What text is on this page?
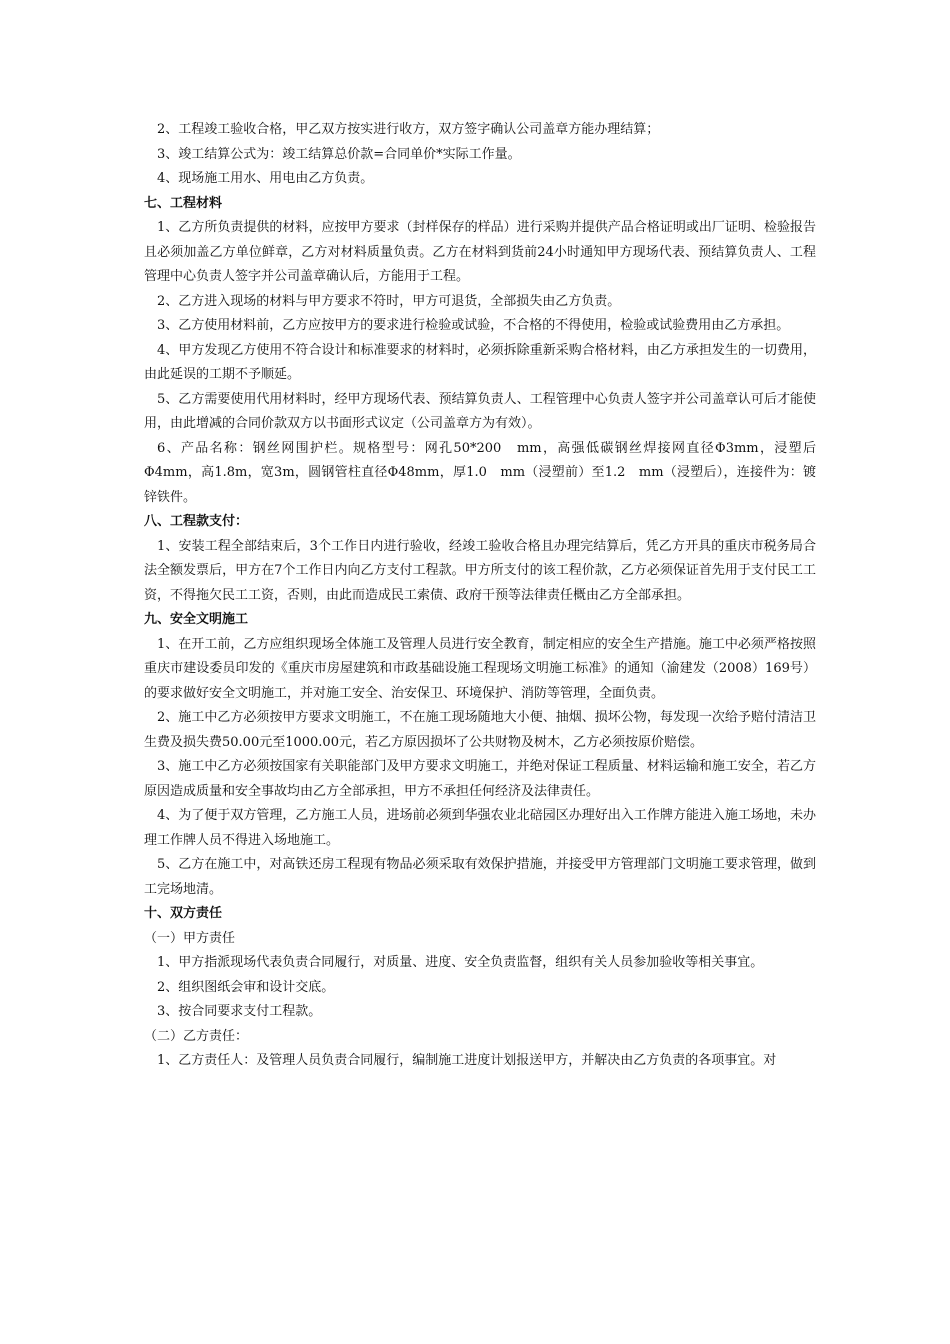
2、工程竣工验收合格，甲乙双方按实进行收方，双方签字确认公司盖章方能办理结算；

3、竣工结算公式为：竣工结算总价款=合同单价*实际工作量。

4、现场施工用水、用电由乙方负责。

七、工程材料

1、乙方所负责提供的材料，应按甲方要求（封样保存的样品）进行采购并提供产品合格证明或出厂证明、检验报告且必须加盖乙方单位鲜章，乙方对材料质量负责。乙方在材料到货前24小时通知甲方现场代表、预结算负责人、工程管理中心负责人签字并公司盖章确认后，方能用于工程。

2、乙方进入现场的材料与甲方要求不符时，甲方可退货，全部损失由乙方负责。

3、乙方使用材料前，乙方应按甲方的要求进行检验或试验，不合格的不得使用，检验或试验费用由乙方承担。

4、甲方发现乙方使用不符合设计和标准要求的材料时，必须拆除重新采购合格材料，由乙方承担发生的一切费用，由此延误的工期不予顺延。

5、乙方需要使用代用材料时，经甲方现场代表、预结算负责人、工程管理中心负责人签字并公司盖章认可后才能使用，由此增减的合同价款双方以书面形式议定（公司盖章方为有效）。

6、产品名称：钢丝网围护栏。规格型号：网孔50*200　mm，高强低碳钢丝焊接网直径Φ3mm，浸塑后Φ4mm，高1.8m，宽3m，圆钢管柱直径Φ48mm，厚1.0　mm（浸塑前）至1.2　mm（浸塑后），连接件为：镀锌铁件。

八、工程款支付：

1、安装工程全部结束后，3个工作日内进行验收，经竣工验收合格且办理完结算后，凭乙方开具的重庆市税务局合法全额发票后，甲方在7个工作日内向乙方支付工程款。甲方所支付的该工程价款，乙方必须保证首先用于支付民工工资，不得拖欠民工工资，否则，由此而造成民工索债、政府干预等法律责任概由乙方全部承担。

九、安全文明施工

1、在开工前，乙方应组织现场全体施工及管理人员进行安全教育，制定相应的安全生产措施。施工中必须严格按照重庆市建设委员印发的《重庆市房屋建筑和市政基础设施工程现场文明施工标准》的通知（渝建发（2008）169号）的要求做好安全文明施工，并对施工安全、治安保卫、环境保护、消防等管理，全面负责。

2、施工中乙方必须按甲方要求文明施工，不在施工现场随地大小便、抽烟、损坏公物，每发现一次给予赔付清洁卫生费及损失费50.00元至1000.00元，若乙方原因损坏了公共财物及树木，乙方必须按原价赔偿。

3、施工中乙方必须按国家有关职能部门及甲方要求文明施工，并绝对保证工程质量、材料运输和施工安全，若乙方原因造成质量和安全事故均由乙方全部承担，甲方不承担任何经济及法律责任。

4、为了便于双方管理，乙方施工人员，进场前必须到华强农业北碚园区办理好出入工作牌方能进入施工场地，未办理工作牌人员不得进入场地施工。

5、乙方在施工中，对高铁还房工程现有物品必须采取有效保护措施，并接受甲方管理部门文明施工要求管理，做到工完场地清。

十、双方责任

（一）甲方责任

1、甲方指派现场代表负责合同履行，对质量、进度、安全负责监督，组织有关人员参加验收等相关事宜。

2、组织图纸会审和设计交底。

3、按合同要求支付工程款。

（二）乙方责任：

1、乙方责任人：及管理人员负责合同履行，编制施工进度计划报送甲方，并解决由乙方负责的各项事宜。对
